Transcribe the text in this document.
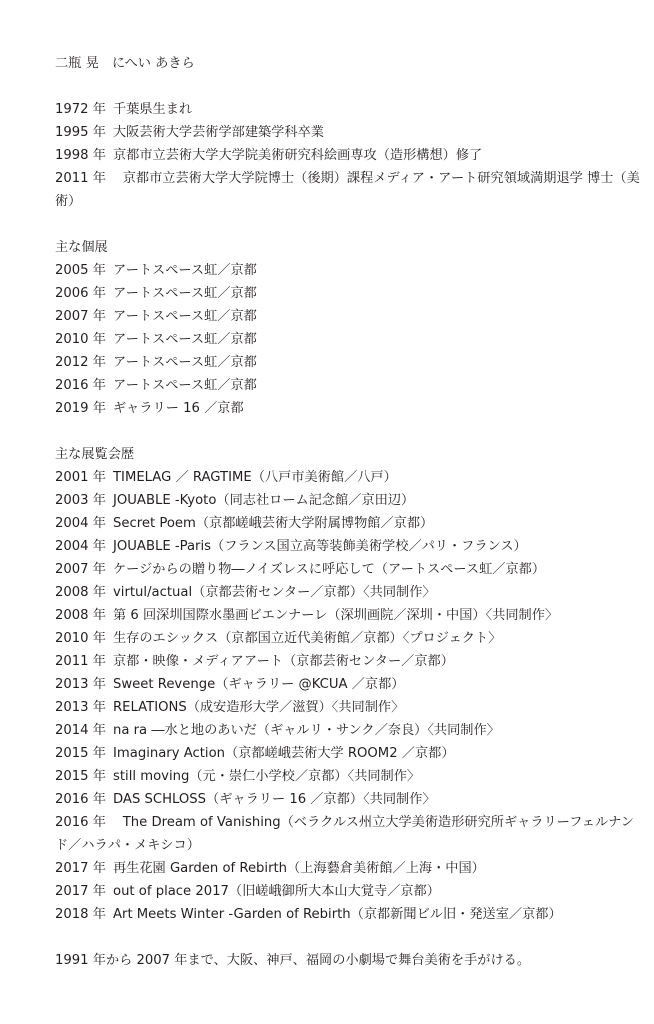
二瓶 晃　にへい あきら
1972 年 千葉県生まれ
1995 年 大阪芸術大学芸術学部建築学科卒業
1998 年 京都市立芸術大学大学院美術研究科絵画専攻（造形構想）修了
2011 年 京都市立芸術大学大学院博士（後期）課程メディア・アート研究領域満期退学 博士（美術）
主な個展
2005 年 アートスペース虹／京都
2006 年 アートスペース虹／京都
2007 年 アートスペース虹／京都
2010 年 アートスペース虹／京都
2012 年 アートスペース虹／京都
2016 年 アートスペース虹／京都
2019 年 ギャラリー 16 ／京都
主な展覧会歴
2001 年 TIMELAG ／ RAGTIME（八戸市美術館／八戸）
2003 年 JOUABLE -Kyoto（同志社ローム記念館／京田辺）
2004 年 Secret Poem（京都嵯峨芸術大学附属博物館／京都）
2004 年 JOUABLE -Paris（フランス国立高等装飾美術学校／パリ・フランス）
2007 年 ケージからの贈り物―ノイズレスに呼応して（アートスペース虹／京都）
2008 年 virtul/actual（京都芸術センター／京都）〈共同制作〉
2008 年 第 6 回深圳国際水墨画ビエンナーレ（深圳画院／深圳・中国）〈共同制作〉
2010 年 生存のエシックス（京都国立近代美術館／京都）〈プロジェクト〉
2011 年 京都・映像・メディアアート（京都芸術センター／京都）
2013 年 Sweet Revenge（ギャラリー @KCUA ／京都）
2013 年 RELATIONS（成安造形大学／滋賀）〈共同制作〉
2014 年 na ra ―水と地のあいだ（ギャルリ・サンク／奈良）〈共同制作〉
2015 年 Imaginary Action（京都嵯峨芸術大学 ROOM2 ／京都）
2015 年 still moving（元・崇仁小学校／京都）〈共同制作〉
2016 年 DAS SCHLOSS（ギャラリー 16 ／京都）〈共同制作〉
2016 年 The Dream of Vanishing（ベラクルス州立大学美術造形研究所ギャラリーフェルナンド／ハラパ・メキシコ）
2017 年 再生花園 Garden of Rebirth（上海藝倉美術館／上海・中国）
2017 年 out of place 2017（旧嵯峨御所大本山大覚寺／京都）
2018 年 Art Meets Winter -Garden of Rebirth（京都新聞ビル旧・発送室／京都）
1991 年から 2007 年まで、大阪、神戸、福岡の小劇場で舞台美術を手がける。
